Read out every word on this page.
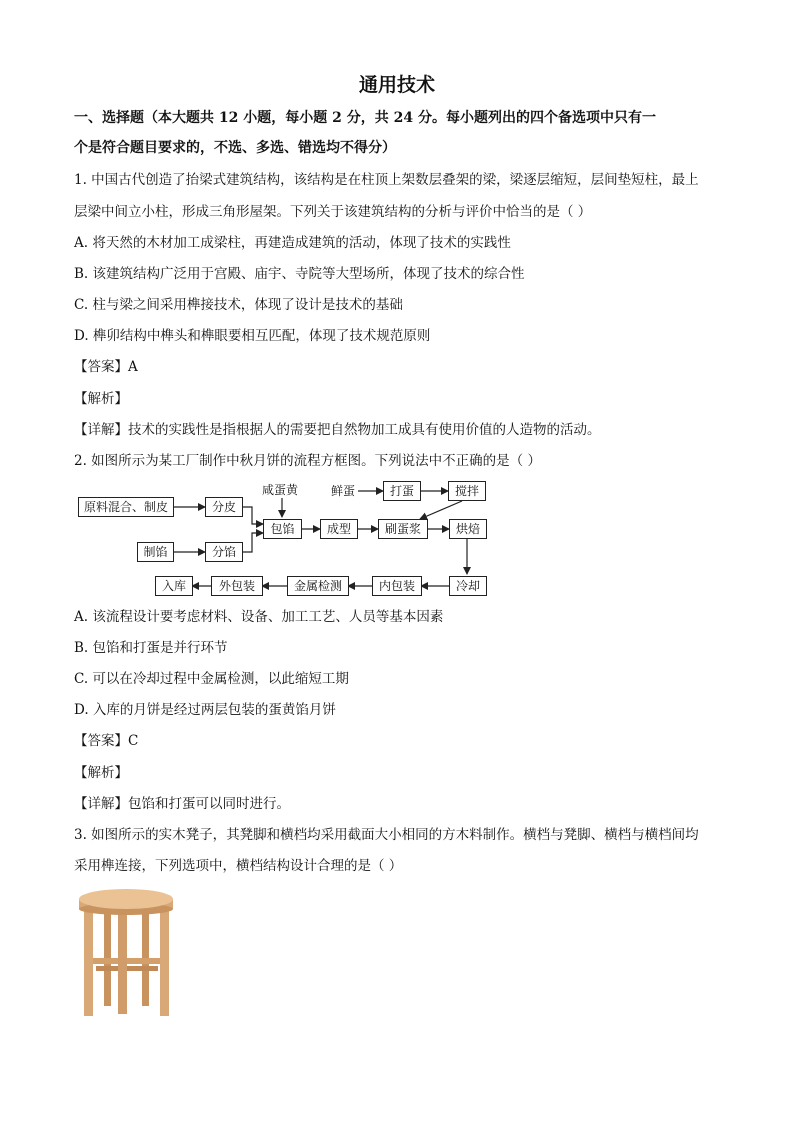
通用技术
一、选择题（本大题共 12 小题，每小题 2 分，共 24 分。每小题列出的四个备选项中只有一
个是符合题目要求的，不选、多选、错选均不得分）
1. 中国古代创造了抬梁式建筑结构，该结构是在柱顶上架数层叠架的梁，梁逐层缩短，层间垫短柱，最上
层梁中间立小柱，形成三角形屋架。下列关于该建筑结构的分析与评价中恰当的是（ ）
A. 将天然的木材加工成梁柱，再建造成建筑的活动，体现了技术的实践性
B. 该建筑结构广泛用于宫殿、庙宇、寺院等大型场所，体现了技术的综合性
C. 柱与梁之间采用榫接技术，体现了设计是技术的基础
D. 榫卯结构中榫头和榫眼要相互匹配，体现了技术规范原则
【答案】A
【解析】
【详解】技术的实践性是指根据人的需要把自然物加工成具有使用价值的人造物的活动。
2. 如图所示为某工厂制作中秋月饼的流程方框图。下列说法中不正确的是（ ）
原料混合、制皮	分皮
咸蛋黄
包馅	成型	刷蛋浆	烘焙
制馅	分馅
鲜蛋	打蛋	搅拌
冷却
内包装
金属检测
外包装
入库
A. 该流程设计要考虑材料、设备、加工工艺、人员等基本因素
B. 包馅和打蛋是并行环节
C. 可以在冷却过程中金属检测，以此缩短工期
D. 入库的月饼是经过两层包装的蛋黄馅月饼
【答案】C
【解析】
【详解】包馅和打蛋可以同时进行。
3. 如图所示的实木凳子，其凳脚和横档均采用截面大小相同的方木料制作。横档与凳脚、横档与横档间均
采用榫连接，下列选项中，横档结构设计合理的是（ ）
